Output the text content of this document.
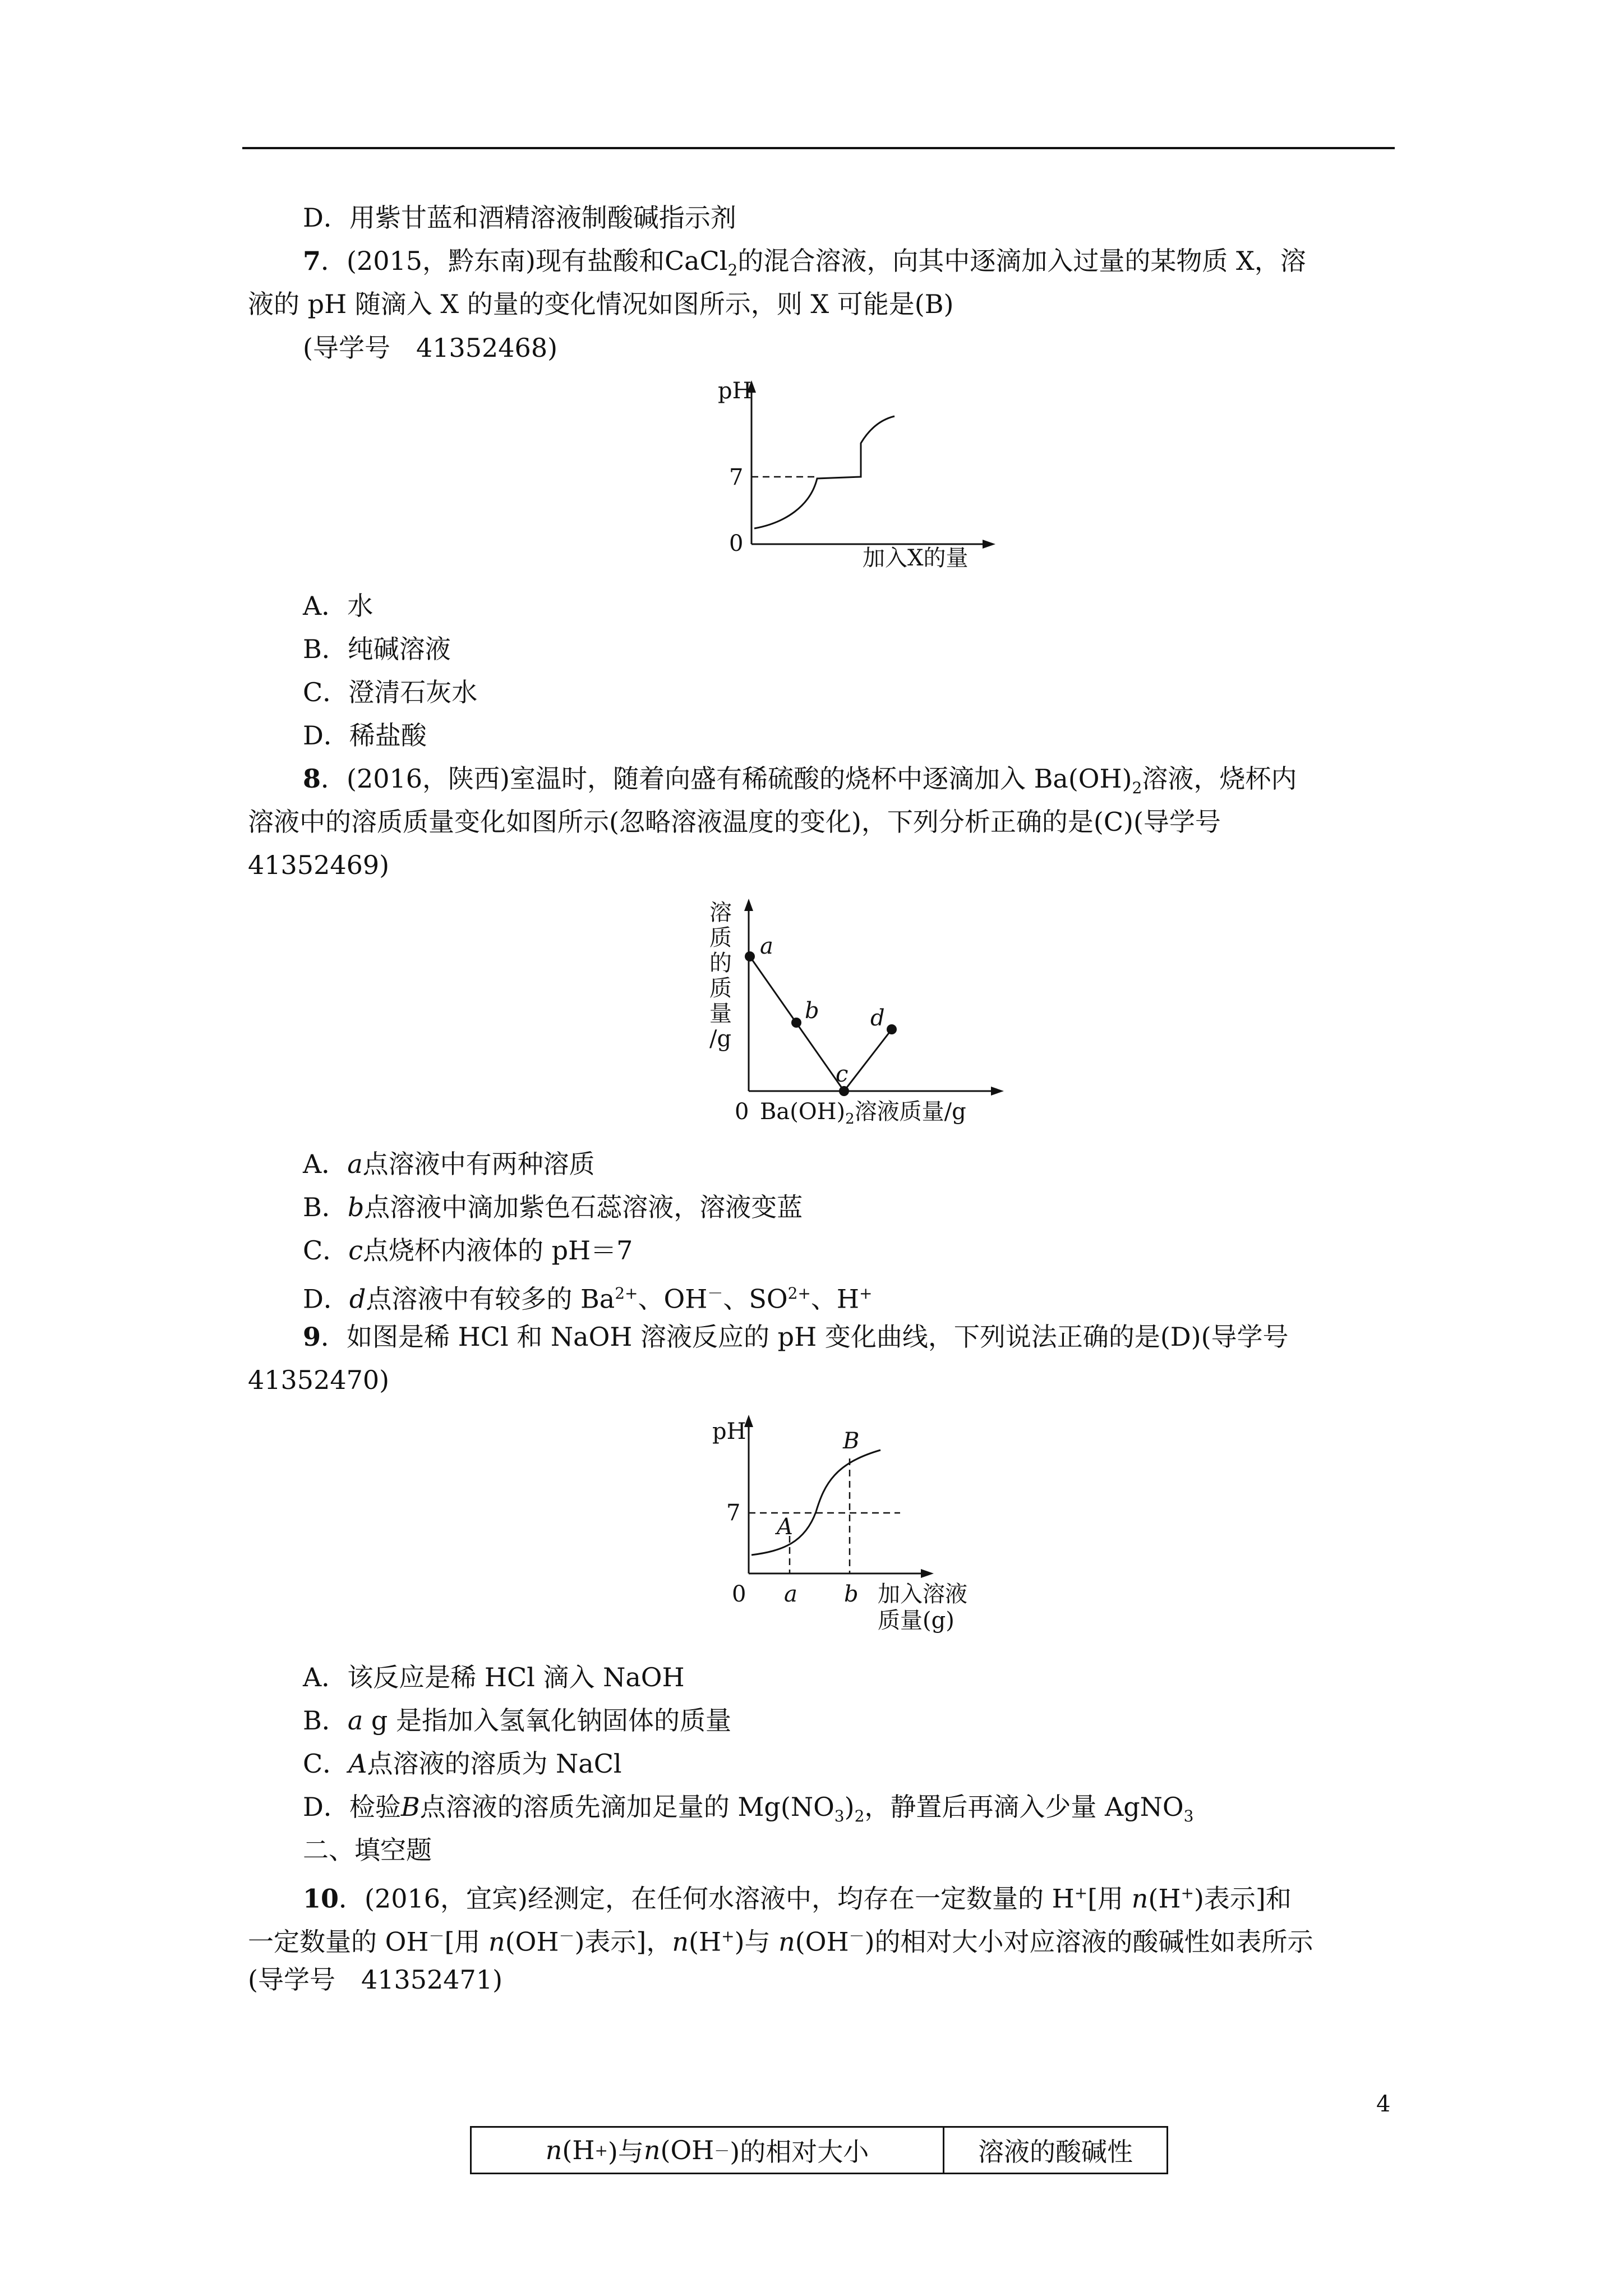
D．用紫甘蓝和酒精溶液制酸碱指示剂
7．(2015，黔东南)现有盐酸和CaCl$_2$的混合溶液，向其中逐滴加入过量的某物质 X，溶
液的 pH 随滴入 X 的量的变化情况如图所示，则 X 可能是(B)
(导学号　41352468)
pH
7
0
加入X的量
A．水
B．纯碱溶液
C．澄清石灰水
D．稀盐酸
8．(2016，陕西)室温时，随着向盛有稀硫酸的烧杯中逐滴加入 $Ba(OH)_2$溶液，烧杯内
溶液中的溶质质量变化如图所示(忽略溶液温度的变化)，下列分析正确的是(C)(导学号
41352469)
溶
质
的
质
量
/g
a
b
c
d
0 $Ba(OH)_2$溶液质量/g
A．a点溶液中有两种溶质
B．b点溶液中滴加紫色石蕊溶液，溶液变蓝
C．c点烧杯内液体的 pH＝7
D．d点溶液中有较多的 $Ba^{2+}$、OH－、$SO^{2+}$、H+
9．如图是稀 HCl 和 NaOH 溶液反应的 pH 变化曲线，下列说法正确的是(D)(导学号
41352470)
pH
7
0 a b
A
B
加入溶液
质量(g)
A．该反应是稀 HCl 滴入 NaOH
B．a g 是指加入氢氧化钠固体的质量
C．A点溶液的溶质为 NaCl
D．检验B点溶液的溶质先滴加足量的 $Mg(NO_3)_2$，静置后再滴入少量 AgNO$_3$
二、填空题
10．(2016，宜宾)经测定，在任何水溶液中，均存在一定数量的 H+[用 n(H+)表示]和
一定数量的 OH－[用 n(OH－)表示]，n(H+)与 n(OH－)的相对大小对应溶液的酸碱性如表所示
(导学号　41352471)
4
n (H + )与 n (OH － )的相对大小	溶液的酸碱性
